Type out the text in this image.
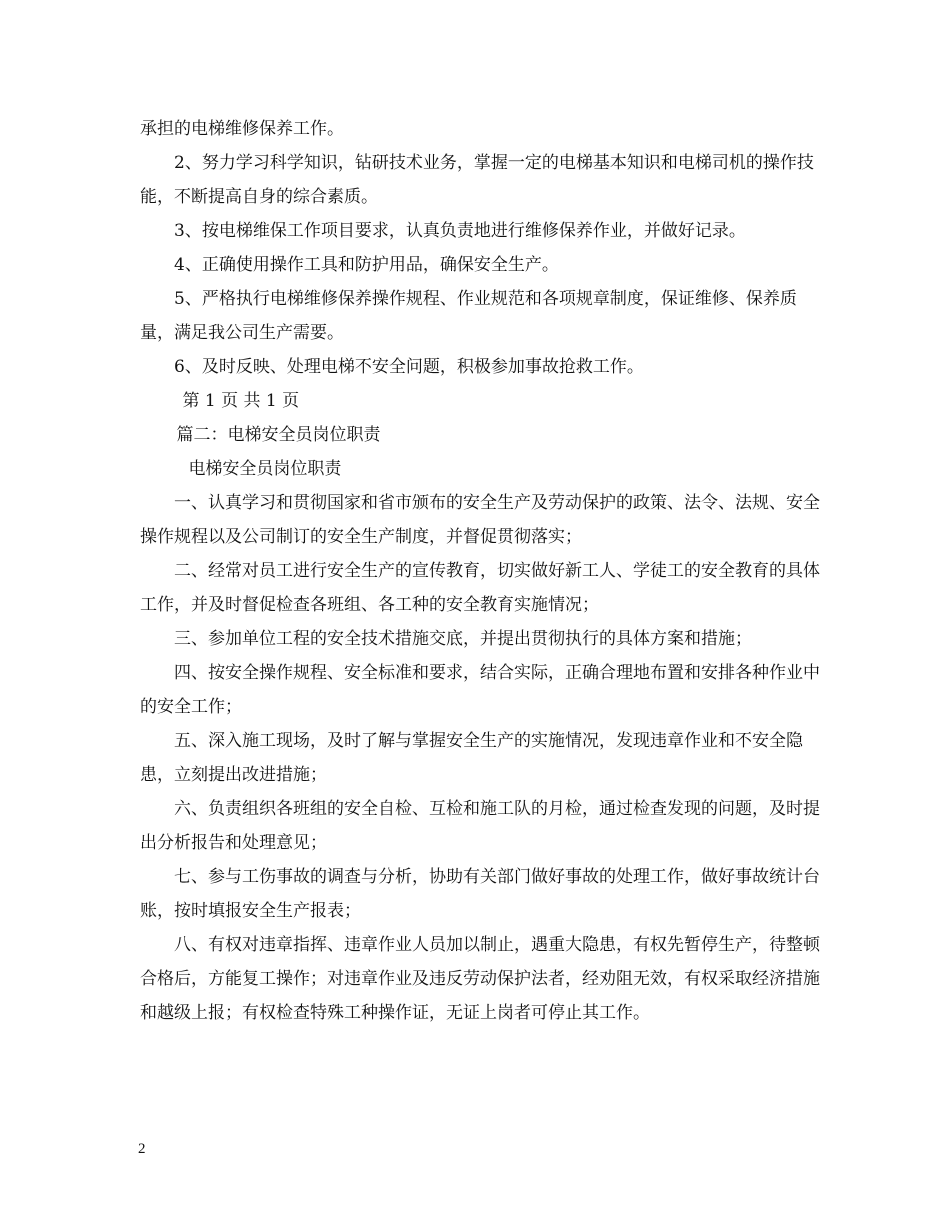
承担的电梯维修保养工作。

2、努力学习科学知识，钻研技术业务，掌握一定的电梯基本知识和电梯司机的操作技能，不断提高自身的综合素质。

3、按电梯维保工作项目要求，认真负责地进行维修保养作业，并做好记录。

4、正确使用操作工具和防护用品，确保安全生产。

5、严格执行电梯维修保养操作规程、作业规范和各项规章制度，保证维修、保养质量，满足我公司生产需要。

6、及时反映、处理电梯不安全问题，积极参加事故抢救工作。

第 1 页 共 1 页

篇二：电梯安全员岗位职责

电梯安全员岗位职责

一、认真学习和贯彻国家和省市颁布的安全生产及劳动保护的政策、法令、法规、安全操作规程以及公司制订的安全生产制度，并督促贯彻落实；

二、经常对员工进行安全生产的宣传教育，切实做好新工人、学徒工的安全教育的具体工作，并及时督促检查各班组、各工种的安全教育实施情况；

三、参加单位工程的安全技术措施交底，并提出贯彻执行的具体方案和措施；

四、按安全操作规程、安全标准和要求，结合实际，正确合理地布置和安排各种作业中的安全工作；

五、深入施工现场，及时了解与掌握安全生产的实施情况，发现违章作业和不安全隐患，立刻提出改进措施；

六、负责组织各班组的安全自检、互检和施工队的月检，通过检查发现的问题，及时提出分析报告和处理意见；

七、参与工伤事故的调查与分析，协助有关部门做好事故的处理工作，做好事故统计台账，按时填报安全生产报表；

八、有权对违章指挥、违章作业人员加以制止，遇重大隐患，有权先暂停生产，待整顿合格后，方能复工操作；对违章作业及违反劳动保护法者，经劝阻无效，有权采取经济措施和越级上报；有权检查特殊工种操作证，无证上岗者可停止其工作。

2
